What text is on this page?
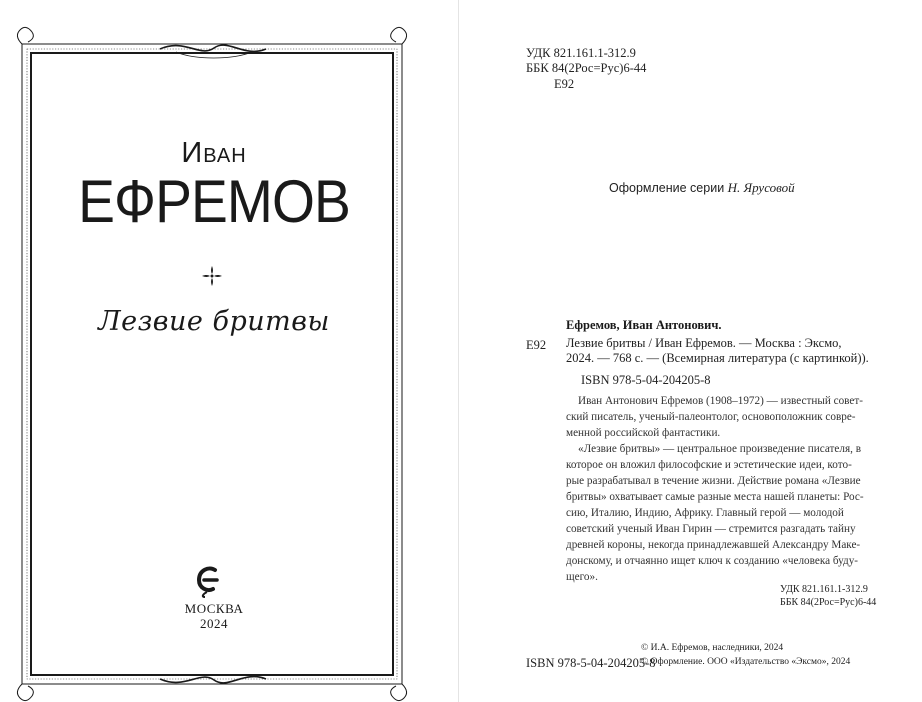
Иван
ЕФРЕМОВ
Лезвие бритвы
МОСКВА
2024
УДК 821.161.1-312.9
ББК 84(2Рос=Рус)6-44
Е92
Оформление серии Н. Ярусовой
Е92
Ефремов, Иван Антонович.
Лезвие бритвы / Иван Ефремов. — Москва : Эксмо,
2024. — 768 с. — (Всемирная литература (с картинкой)).
ISBN 978-5-04-204205-8

Иван Антонович Ефремов (1908–1972) — известный совет-
ский писатель, ученый-палеонтолог, основоположник совре-
менной российской фантастики.

«Лезвие бритвы» — центральное произведение писателя, в
которое он вложил философские и эстетические идеи, кото-
рые разрабатывал в течение жизни. Действие романа «Лезвие
бритвы» охватывает самые разные места нашей планеты: Рос-
сию, Италию, Индию, Африку. Главный герой — молодой
советский ученый Иван Гирин — стремится разгадать тайну
древней короны, некогда принадлежавшей Александру Маке-
донскому, и отчаянно ищет ключ к созданию «человека буду-
щего».

УДК 821.161.1-312.9
ББК 84(2Рос=Рус)6-44
ISBN 978-5-04-204205-8
© И.А. Ефремов, наследники, 2024
© Оформление. ООО «Издательство «Эксмо», 2024
